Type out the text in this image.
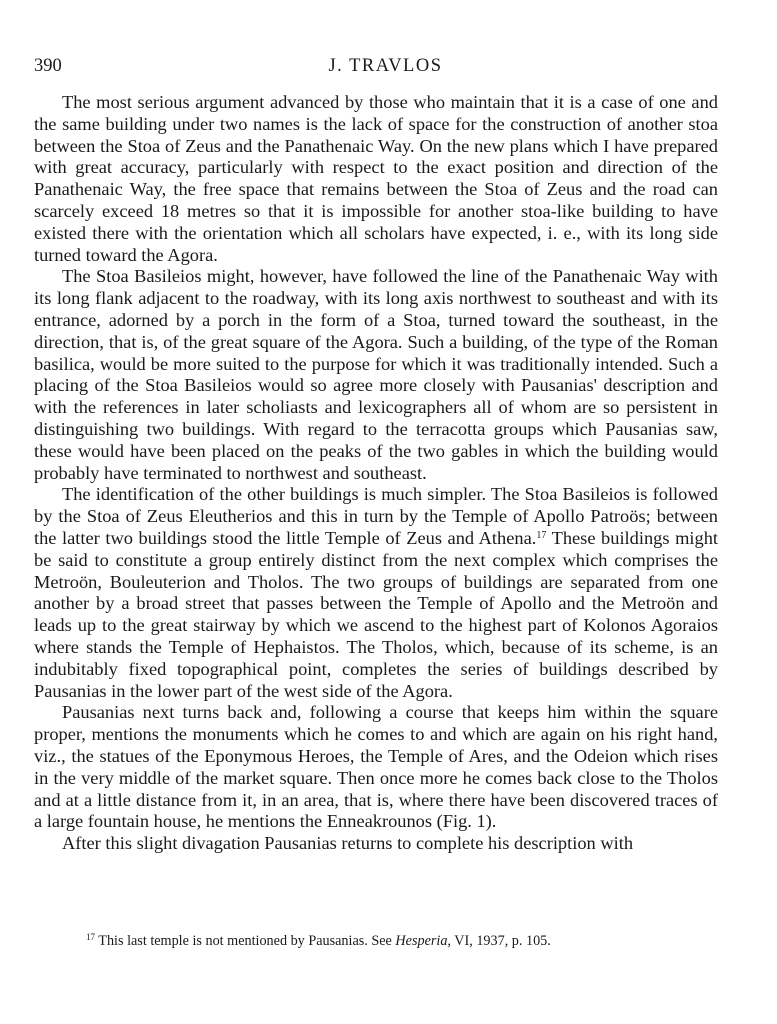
390	J. TRAVLOS

The most serious argument advanced by those who maintain that it is a case of one and the same building under two names is the lack of space for the construction of another stoa between the Stoa of Zeus and the Panathenaic Way. On the new plans which I have prepared with great accuracy, particularly with respect to the exact position and direction of the Panathenaic Way, the free space that remains between the Stoa of Zeus and the road can scarcely exceed 18 metres so that it is impossible for another stoa-like building to have existed there with the orientation which all scholars have expected, i. e., with its long side turned toward the Agora.

The Stoa Basileios might, however, have followed the line of the Panathenaic Way with its long flank adjacent to the roadway, with its long axis northwest to southeast and with its entrance, adorned by a porch in the form of a Stoa, turned toward the southeast, in the direction, that is, of the great square of the Agora. Such a building, of the type of the Roman basilica, would be more suited to the purpose for which it was traditionally intended. Such a placing of the Stoa Basileios would so agree more closely with Pausanias' description and with the references in later scholiasts and lexicographers all of whom are so persistent in distinguishing two buildings. With regard to the terracotta groups which Pausanias saw, these would have been placed on the peaks of the two gables in which the building would probably have terminated to northwest and southeast.

The identification of the other buildings is much simpler. The Stoa Basileios is followed by the Stoa of Zeus Eleutherios and this in turn by the Temple of Apollo Patroös; between the latter two buildings stood the little Temple of Zeus and Athena.$^{17}$ These buildings might be said to constitute a group entirely distinct from the next complex which comprises the Metroön, Bouleuterion and Tholos. The two groups of buildings are separated from one another by a broad street that passes between the Temple of Apollo and the Metroön and leads up to the great stairway by which we ascend to the highest part of Kolonos Agoraios where stands the Temple of Hephaistos. The Tholos, which, because of its scheme, is an indubitably fixed topographical point, completes the series of buildings described by Pausanias in the lower part of the west side of the Agora.

Pausanias next turns back and, following a course that keeps him within the square proper, mentions the monuments which he comes to and which are again on his right hand, viz., the statues of the Eponymous Heroes, the Temple of Ares, and the Odeion which rises in the very middle of the market square. Then once more he comes back close to the Tholos and at a little distance from it, in an area, that is, where there have been discovered traces of a large fountain house, he mentions the Enneakrounos (Fig. 1).

After this slight divagation Pausanias returns to complete his description with

$^{17}$ This last temple is not mentioned by Pausanias. See Hesperia, VI, 1937, p. 105.
